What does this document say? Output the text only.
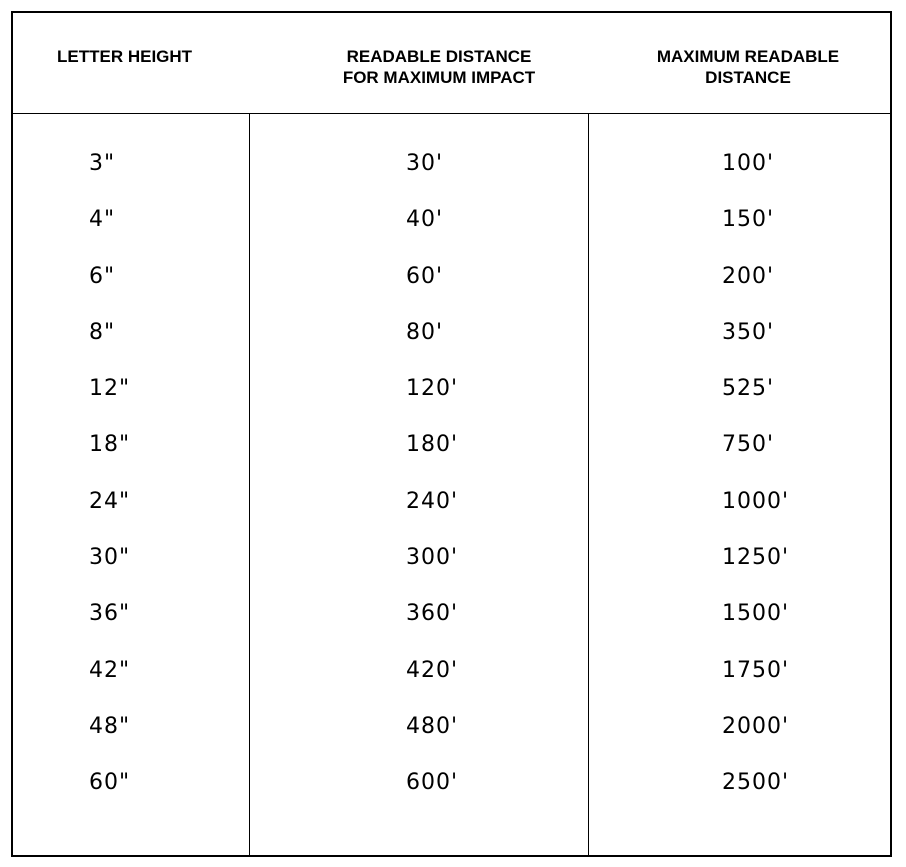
LETTER HEIGHT	READABLE DISTANCE
FOR MAXIMUM IMPACT
MAXIMUM READABLE
DISTANCE
3"
4"
6"
8"
12"
18"
24"
30"
36"
42"
48"
60"
30'
40'
60'
80'
120'
180'
240'
300'
360'
420'
480'
600'
100'
150'
200'
350'
525'
750'
1000'
1250'
1500'
1750'
2000'
2500'
